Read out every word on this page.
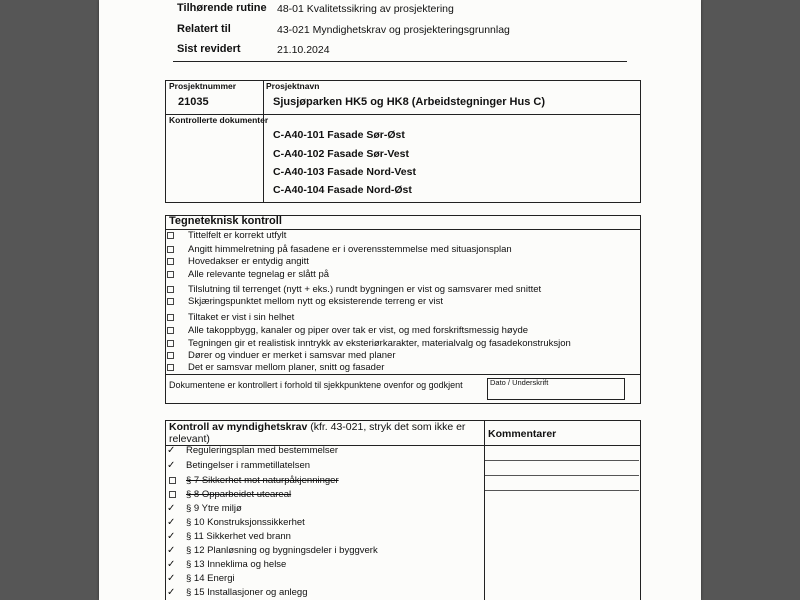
Tilhørende rutine 48-01 Kvalitetssikring av prosjektering
Relatert til	43-021 Myndighetskrav og prosjekteringsgrunnlag
Sist revidert	21.10.2024
Prosjektnummer	Prosjektnavn
21035	Sjusjøparken HK5 og HK8 (Arbeidstegninger Hus C)
Kontrollerte dokumenter
C-A40-101 Fasade Sør-Øst
C-A40-102 Fasade Sør-Vest
C-A40-103 Fasade Nord-Vest
C-A40-104 Fasade Nord-Øst
Tegneteknisk kontroll
Tittelfelt er korrekt utfylt
Angitt himmelretning på fasadene er i overensstemmelse med situasjonsplan
Hovedakser er entydig angitt
Alle relevante tegnelag er slått på
Tilslutning til terrenget (nytt + eks.) rundt bygningen er vist og samsvarer med snittet
Skjæringspunktet mellom nytt og eksisterende terreng er vist
Tiltaket er vist i sin helhet
Alle takoppbygg, kanaler og piper over tak er vist, og med forskriftsmessig høyde
Tegningen gir et realistisk inntrykk av eksteriørkarakter, materialvalg og fasadekonstruksjon
Dører og vinduer er merket i samsvar med planer
Det er samsvar mellom planer, snitt og fasader
Dokumentene er kontrollert i forhold til sjekkpunktene ovenfor og godkjent	Dato / Underskrift
Kontroll av myndighetskrav (kfr. 43-021, stryk det som ikke er relevant)	Kommentarer
✓	Reguleringsplan med bestemmelser
✓	Betingelser i rammetillatelsen
§ 7 Sikkerhet mot naturpåkjenninger
§ 8 Opparbeidet uteareal
✓	§ 9 Ytre miljø
✓	§ 10 Konstruksjonssikkerhet
✓	§ 11 Sikkerhet ved brann
✓	§ 12 Planløsning og bygningsdeler i byggverk
✓	§ 13 Inneklima og helse
✓	§ 14 Energi
✓	§ 15 Installasjoner og anlegg
